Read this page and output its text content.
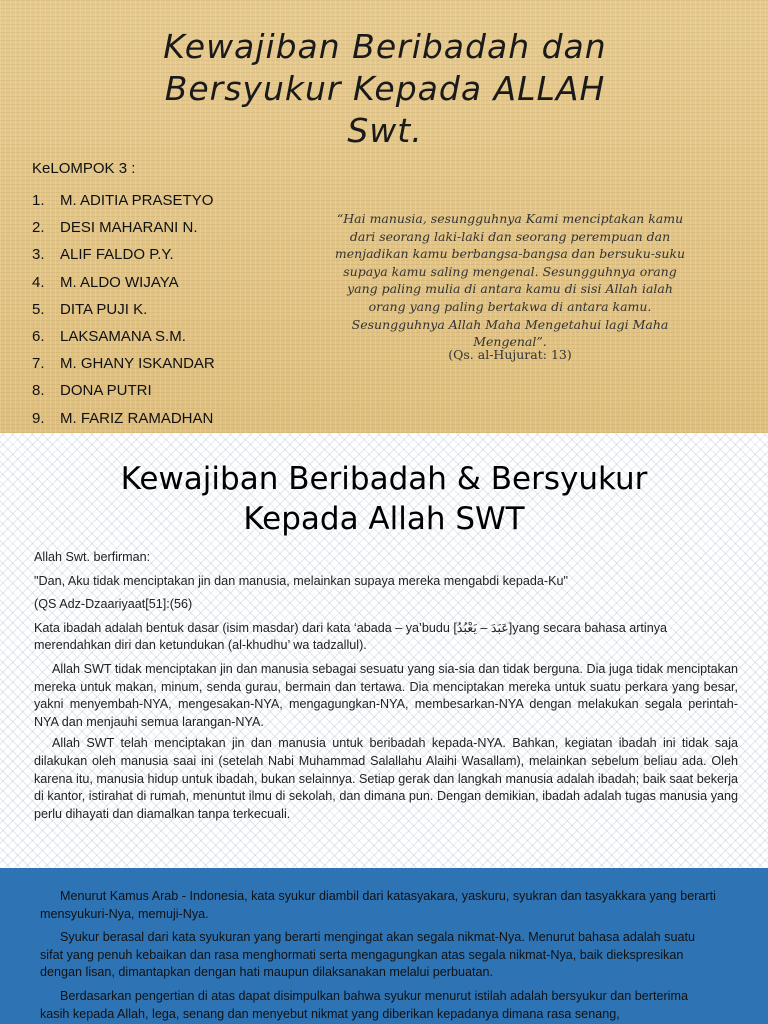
Kewajiban Beribadah dan
Bersyukur Kepada ALLAH
Swt.
KeLOMPOK 3 :
1.	M. ADITIA PRASETYO
2.	DESI MAHARANI N.
3.	ALIF FALDO P.Y.
4.	M. ALDO WIJAYA
5.	DITA PUJI K.
6.	LAKSAMANA S.M.
7.	M. GHANY ISKANDAR
8.	DONA PUTRI
9.	M. FARIZ RAMADHAN
“Hai manusia, sesungguhnya Kami menciptakan kamu
dari seorang laki-laki dan seorang perempuan dan
menjadikan kamu berbangsa-bangsa dan bersuku-suku
supaya kamu saling mengenal. Sesungguhnya orang
yang paling mulia di antara kamu di sisi Allah ialah
orang yang paling bertakwa di antara kamu.
Sesungguhnya Allah Maha Mengetahui lagi Maha
Mengenal”.
(Qs. al-Hujurat: 13)
Kewajiban Beribadah & Bersyukur
Kepada Allah SWT

Allah Swt. berfirman:

"Dan, Aku tidak menciptakan jin dan manusia, melainkan supaya mereka mengabdi kepada-Ku"

(QS Adz-Dzaariyaat[51]:(56)

Kata ibadah adalah bentuk dasar (isim masdar) dari kata ‘abada – ya’budu [عَبَدَ – يَعْبُدُ]yang secara bahasa artinya merendahkan diri dan ketundukan (al-khudhu’ wa tadzallul).

Allah SWT tidak menciptakan jin dan manusia sebagai sesuatu yang sia-sia dan tidak berguna. Dia juga tidak menciptakan mereka untuk makan, minum, senda gurau, bermain dan tertawa. Dia menciptakan mereka untuk suatu perkara yang besar, yakni menyembah-NYA, mengesakan-NYA, mengagungkan-NYA, membesarkan-NYA dengan melakukan segala perintah-NYA dan menjauhi semua larangan-NYA.

Allah SWT telah menciptakan jin dan manusia untuk beribadah kepada-NYA. Bahkan, kegiatan ibadah ini tidak saja dilakukan oleh manusia saai ini (setelah Nabi Muhammad Salallahu Alaihi Wasallam), melainkan sebelum beliau ada. Oleh karena itu, manusia hidup untuk ibadah, bukan selainnya. Setiap gerak dan langkah manusia adalah ibadah; baik saat bekerja di kantor, istirahat di rumah, menuntut ilmu di sekolah, dan dimana pun. Dengan demikian, ibadah adalah tugas manusia yang perlu dihayati dan diamalkan tanpa terkecuali.

Menurut Kamus Arab - Indonesia, kata syukur diambil dari katasyakara, yaskuru, syukran dan tasyakkara yang berarti mensyukuri-Nya, memuji-Nya.

Syukur berasal dari kata syukuran yang berarti mengingat akan segala nikmat-Nya. Menurut bahasa adalah suatu sifat yang penuh kebaikan dan rasa menghormati serta mengagungkan atas segala nikmat-Nya, baik diekspresikan dengan lisan, dimantapkan dengan hati maupun dilaksanakan melalui perbuatan.

Berdasarkan pengertian di atas dapat disimpulkan bahwa syukur menurut istilah adalah bersyukur dan berterima kasih kepada Allah, lega, senang dan menyebut nikmat yang diberikan kepadanya dimana rasa senang,
